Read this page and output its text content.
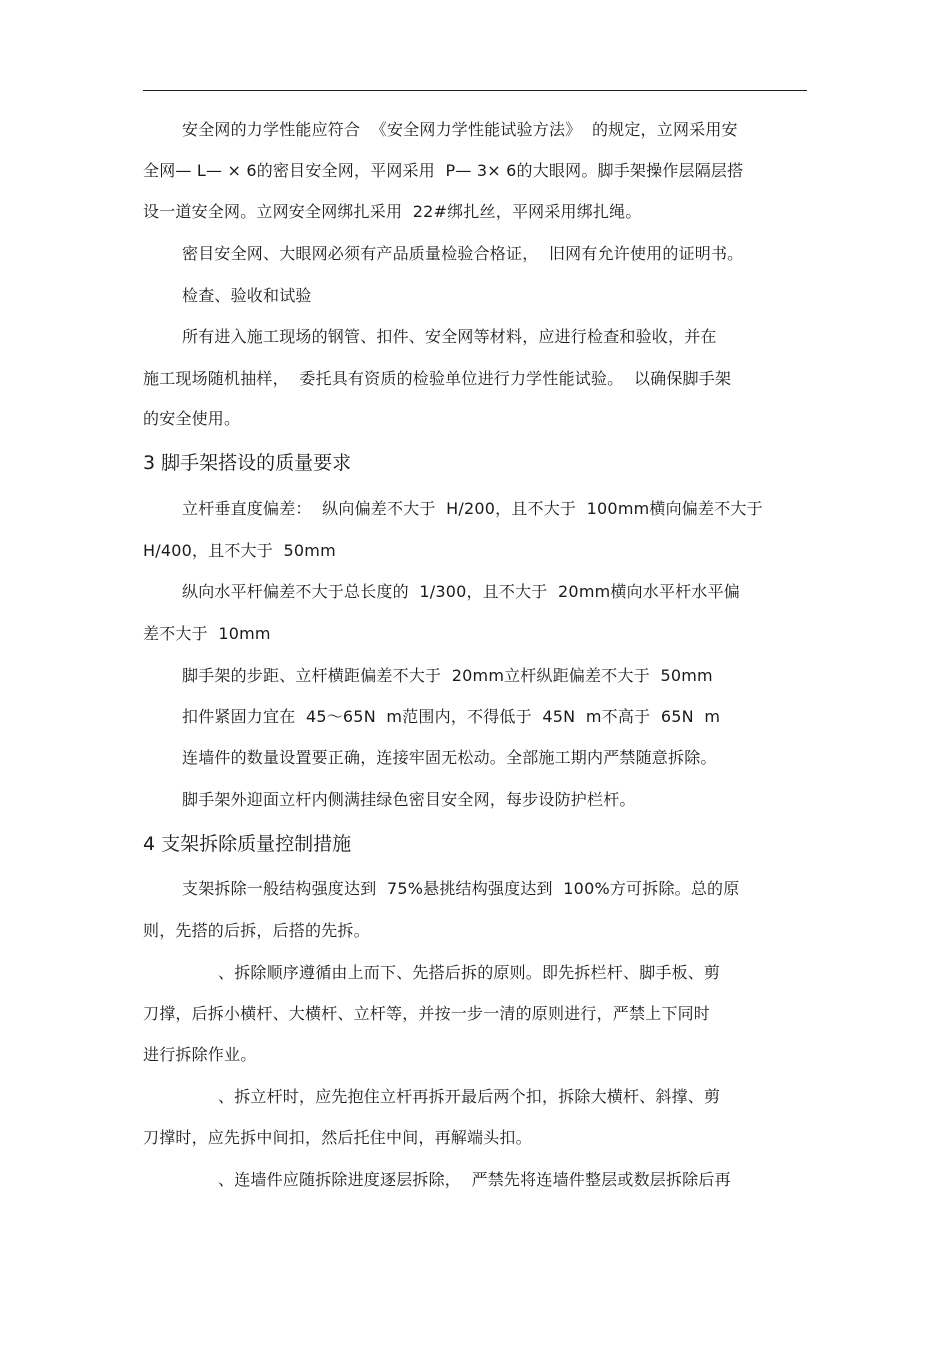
安全网的力学性能应符合  《安全网力学性能试验方法》  的规定，立网采用安
全网— L— × 6的密目安全网，平网采用  P— 3× 6的大眼网。脚手架操作层隔层搭
设一道安全网。立网安全网绑扎采用  22#绑扎丝，平网采用绑扎绳。
密目安全网、大眼网必须有产品质量检验合格证，  旧网有允许使用的证明书。
检查、验收和试验
所有进入施工现场的钢管、扣件、安全网等材料，应进行检查和验收，并在
施工现场随机抽样，  委托具有资质的检验单位进行力学性能试验。  以确保脚手架
的安全使用。
3 脚手架搭设的质量要求
立杆垂直度偏差：  纵向偏差不大于  H/200，且不大于  100mm横向偏差不大于
H/400，且不大于  50mm
纵向水平杆偏差不大于总长度的  1/300，且不大于  20mm横向水平杆水平偏
差不大于  10mm
脚手架的步距、立杆横距偏差不大于  20mm立杆纵距偏差不大于  50mm
扣件紧固力宜在  45～65N  m范围内，不得低于  45N  m不高于  65N  m
连墙件的数量设置要正确，连接牢固无松动。全部施工期内严禁随意拆除。
脚手架外迎面立杆内侧满挂绿色密目安全网，每步设防护栏杆。
4 支架拆除质量控制措施
支架拆除一般结构强度达到  75%悬挑结构强度达到  100%方可拆除。总的原
则，先搭的后拆，后搭的先拆。
、拆除顺序遵循由上而下、先搭后拆的原则。即先拆栏杆、脚手板、剪
刀撑，后拆小横杆、大横杆、立杆等，并按一步一清的原则进行，严禁上下同时
进行拆除作业。
、拆立杆时，应先抱住立杆再拆开最后两个扣，拆除大横杆、斜撑、剪
刀撑时，应先拆中间扣，然后托住中间，再解端头扣。
、连墙件应随拆除进度逐层拆除，  严禁先将连墙件整层或数层拆除后再
